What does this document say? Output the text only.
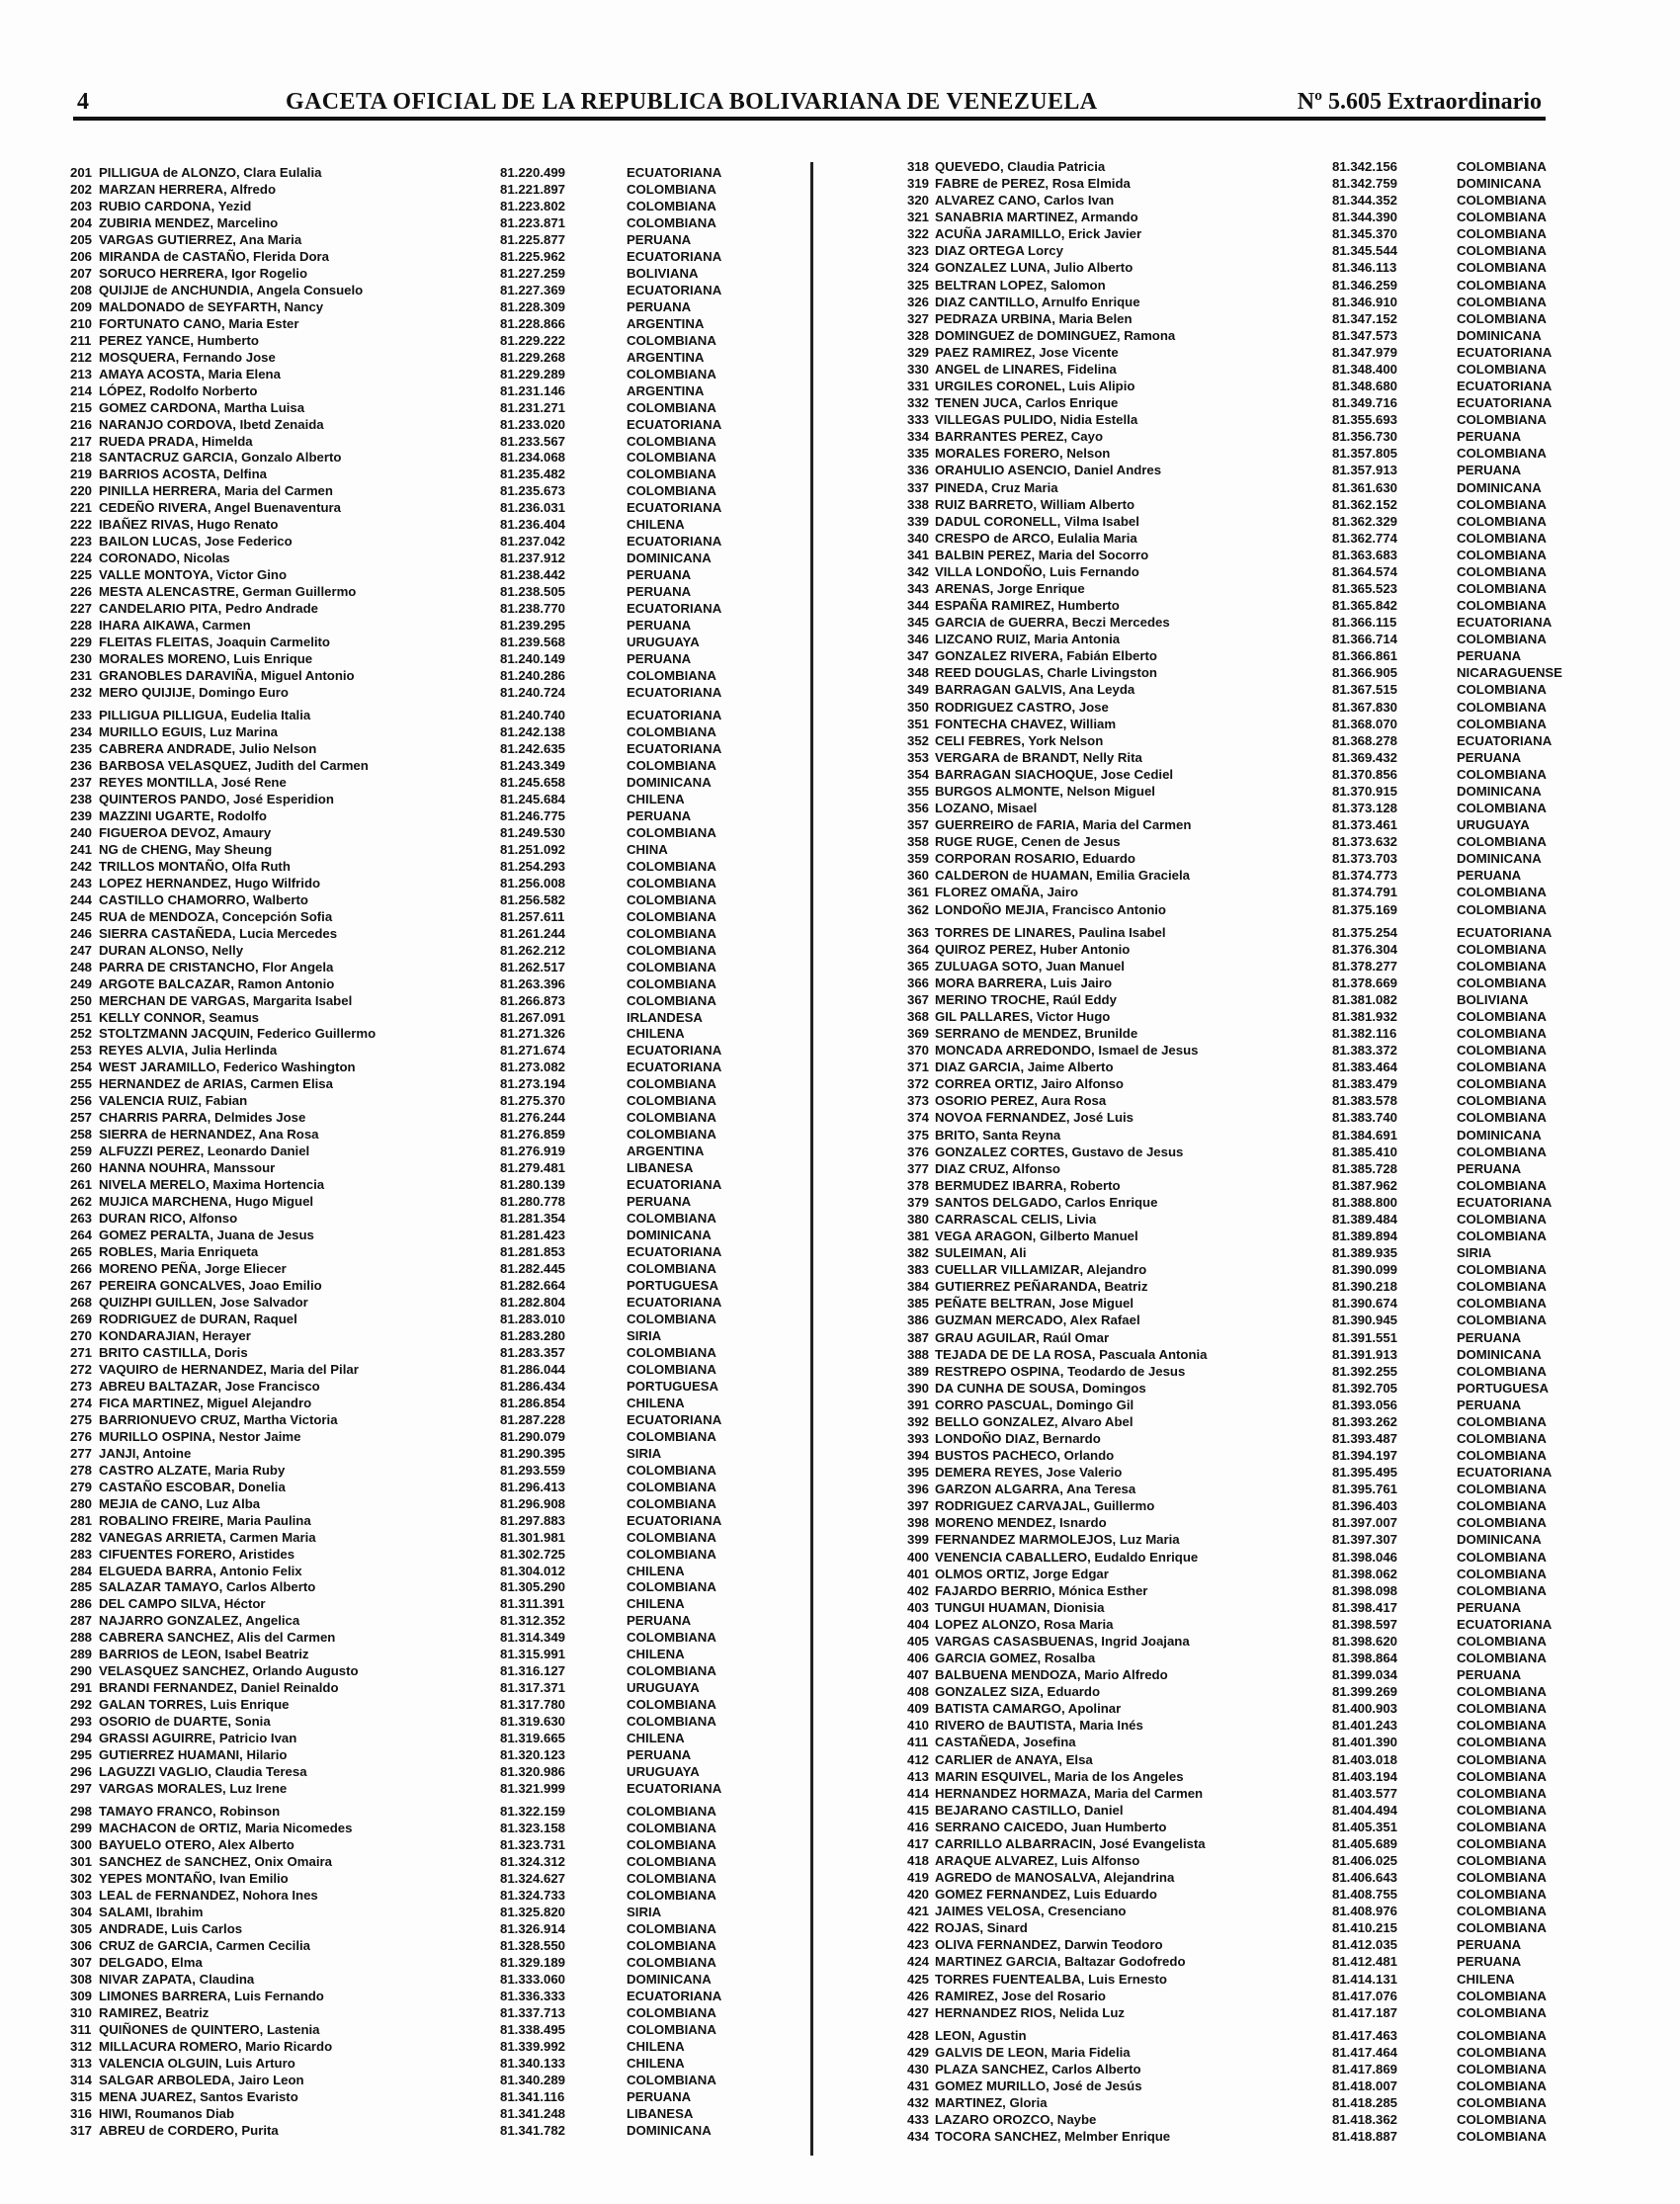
4	GACETA OFICIAL DE LA REPUBLICA BOLIVARIANA DE VENEZUELA	Nº 5.605 Extraordinario
201 PILLIGUA de ALONZO, Clara Eulalia	81.220.499	ECUATORIANA
202 MARZAN HERRERA, Alfredo	81.221.897	COLOMBIANA
203 RUBIO CARDONA, Yezid	81.223.802	COLOMBIANA
204 ZUBIRIA MENDEZ, Marcelino	81.223.871	COLOMBIANA
205 VARGAS GUTIERREZ, Ana Maria	81.225.877	PERUANA
206 MIRANDA de CASTAÑO, Flerida Dora	81.225.962	ECUATORIANA
207 SORUCO HERRERA, Igor Rogelio	81.227.259	BOLIVIANA
208 QUIJIJE de ANCHUNDIA, Angela Consuelo	81.227.369	ECUATORIANA
209 MALDONADO de SEYFARTH, Nancy	81.228.309	PERUANA
210 FORTUNATO CANO, Maria Ester	81.228.866	ARGENTINA
211 PEREZ YANCE, Humberto	81.229.222	COLOMBIANA
212 MOSQUERA, Fernando Jose	81.229.268	ARGENTINA
213 AMAYA ACOSTA, Maria Elena	81.229.289	COLOMBIANA
214 LÓPEZ, Rodolfo Norberto	81.231.146	ARGENTINA
215 GOMEZ CARDONA, Martha Luisa	81.231.271	COLOMBIANA
216 NARANJO CORDOVA, Ibetd Zenaida	81.233.020	ECUATORIANA
217 RUEDA PRADA, Himelda	81.233.567	COLOMBIANA
218 SANTACRUZ GARCIA, Gonzalo Alberto	81.234.068	COLOMBIANA
219 BARRIOS ACOSTA, Delfina	81.235.482	COLOMBIANA
220 PINILLA HERRERA, Maria del Carmen	81.235.673	COLOMBIANA
221 CEDEÑO RIVERA, Angel Buenaventura	81.236.031	ECUATORIANA
222 IBAÑEZ RIVAS, Hugo Renato	81.236.404	CHILENA
223 BAILON LUCAS, Jose Federico	81.237.042	ECUATORIANA
224 CORONADO, Nicolas	81.237.912	DOMINICANA
225 VALLE MONTOYA, Victor Gino	81.238.442	PERUANA
226 MESTA ALENCASTRE, German Guillermo	81.238.505	PERUANA
227 CANDELARIO PITA, Pedro Andrade	81.238.770	ECUATORIANA
228 IHARA AIKAWA, Carmen	81.239.295	PERUANA
229 FLEITAS FLEITAS, Joaquin Carmelito	81.239.568	URUGUAYA
230 MORALES MORENO, Luis Enrique	81.240.149	PERUANA
231 GRANOBLES DARAVIÑA, Miguel Antonio	81.240.286	COLOMBIANA
232 MERO QUIJIJE, Domingo Euro	81.240.724	ECUATORIANA
233 PILLIGUA PILLIGUA, Eudelia Italia	81.240.740	ECUATORIANA
234 MURILLO EGUIS, Luz Marina	81.242.138	COLOMBIANA
235 CABRERA ANDRADE, Julio Nelson	81.242.635	ECUATORIANA
236 BARBOSA VELASQUEZ, Judith del Carmen	81.243.349	COLOMBIANA
237 REYES MONTILLA, José Rene	81.245.658	DOMINICANA
238 QUINTEROS PANDO, José Esperidion	81.245.684	CHILENA
239 MAZZINI UGARTE, Rodolfo	81.246.775	PERUANA
240 FIGUEROA DEVOZ, Amaury	81.249.530	COLOMBIANA
241 NG de CHENG, May Sheung	81.251.092	CHINA
242 TRILLOS MONTAÑO, Olfa Ruth	81.254.293	COLOMBIANA
243 LOPEZ HERNANDEZ, Hugo Wilfrido	81.256.008	COLOMBIANA
244 CASTILLO CHAMORRO, Walberto	81.256.582	COLOMBIANA
245 RUA de MENDOZA, Concepción Sofia	81.257.611	COLOMBIANA
246 SIERRA CASTAÑEDA, Lucia Mercedes	81.261.244	COLOMBIANA
247 DURAN ALONSO, Nelly	81.262.212	COLOMBIANA
248 PARRA DE CRISTANCHO, Flor Angela	81.262.517	COLOMBIANA
249 ARGOTE BALCAZAR, Ramon Antonio	81.263.396	COLOMBIANA
250 MERCHAN DE VARGAS, Margarita Isabel	81.266.873	COLOMBIANA
251 KELLY CONNOR, Seamus	81.267.091	IRLANDESA
252 STOLTZMANN JACQUIN, Federico Guillermo	81.271.326	CHILENA
253 REYES ALVIA, Julia Herlinda	81.271.674	ECUATORIANA
254 WEST JARAMILLO, Federico Washington	81.273.082	ECUATORIANA
255 HERNANDEZ de ARIAS, Carmen Elisa	81.273.194	COLOMBIANA
256 VALENCIA RUIZ, Fabian	81.275.370	COLOMBIANA
257 CHARRIS PARRA, Delmides Jose	81.276.244	COLOMBIANA
258 SIERRA de HERNANDEZ, Ana Rosa	81.276.859	COLOMBIANA
259 ALFUZZI PEREZ, Leonardo Daniel	81.276.919	ARGENTINA
260 HANNA NOUHRA, Manssour	81.279.481	LIBANESA
261 NIVELA MERELO, Maxima Hortencia	81.280.139	ECUATORIANA
262 MUJICA MARCHENA, Hugo Miguel	81.280.778	PERUANA
263 DURAN RICO, Alfonso	81.281.354	COLOMBIANA
264 GOMEZ PERALTA, Juana de Jesus	81.281.423	DOMINICANA
265 ROBLES, Maria Enriqueta	81.281.853	ECUATORIANA
266 MORENO PEÑA, Jorge Eliecer	81.282.445	COLOMBIANA
267 PEREIRA GONCALVES, Joao Emilio	81.282.664	PORTUGUESA
268 QUIZHPI GUILLEN, Jose Salvador	81.282.804	ECUATORIANA
269 RODRIGUEZ de DURAN, Raquel	81.283.010	COLOMBIANA
270 KONDARAJIAN, Herayer	81.283.280	SIRIA
271 BRITO CASTILLA, Doris	81.283.357	COLOMBIANA
272 VAQUIRO de HERNANDEZ, Maria del Pilar	81.286.044	COLOMBIANA
273 ABREU BALTAZAR, Jose Francisco	81.286.434	PORTUGUESA
274 FICA MARTINEZ, Miguel Alejandro	81.286.854	CHILENA
275 BARRIONUEVO CRUZ, Martha Victoria	81.287.228	ECUATORIANA
276 MURILLO OSPINA, Nestor Jaime	81.290.079	COLOMBIANA
277 JANJI, Antoine	81.290.395	SIRIA
278 CASTRO ALZATE, Maria Ruby	81.293.559	COLOMBIANA
279 CASTAÑO ESCOBAR, Donelia	81.296.413	COLOMBIANA
280 MEJIA de CANO, Luz Alba	81.296.908	COLOMBIANA
281 ROBALINO FREIRE, Maria Paulina	81.297.883	ECUATORIANA
282 VANEGAS ARRIETA, Carmen Maria	81.301.981	COLOMBIANA
283 CIFUENTES FORERO, Aristides	81.302.725	COLOMBIANA
284 ELGUEDA BARRA, Antonio Felix	81.304.012	CHILENA
285 SALAZAR TAMAYO, Carlos Alberto	81.305.290	COLOMBIANA
286 DEL CAMPO SILVA, Héctor	81.311.391	CHILENA
287 NAJARRO GONZALEZ, Angelica	81.312.352	PERUANA
288 CABRERA SANCHEZ, Alis del Carmen	81.314.349	COLOMBIANA
289 BARRIOS de LEON, Isabel Beatriz	81.315.991	CHILENA
290 VELASQUEZ SANCHEZ, Orlando Augusto	81.316.127	COLOMBIANA
291 BRANDI FERNANDEZ, Daniel Reinaldo	81.317.371	URUGUAYA
292 GALAN TORRES, Luis Enrique	81.317.780	COLOMBIANA
293 OSORIO de DUARTE, Sonia	81.319.630	COLOMBIANA
294 GRASSI AGUIRRE, Patricio Ivan	81.319.665	CHILENA
295 GUTIERREZ HUAMANI, Hilario	81.320.123	PERUANA
296 LAGUZZI VAGLIO, Claudia Teresa	81.320.986	URUGUAYA
297 VARGAS MORALES, Luz Irene	81.321.999	ECUATORIANA
298 TAMAYO FRANCO, Robinson	81.322.159	COLOMBIANA
299 MACHACON de ORTIZ, Maria Nicomedes	81.323.158	COLOMBIANA
300 BAYUELO OTERO, Alex Alberto	81.323.731	COLOMBIANA
301 SANCHEZ de SANCHEZ, Onix Omaira	81.324.312	COLOMBIANA
302 YEPES MONTAÑO, Ivan Emilio	81.324.627	COLOMBIANA
303 LEAL de FERNANDEZ, Nohora Ines	81.324.733	COLOMBIANA
304 SALAMI, Ibrahim	81.325.820	SIRIA
305 ANDRADE, Luis Carlos	81.326.914	COLOMBIANA
306 CRUZ de GARCIA, Carmen Cecilia	81.328.550	COLOMBIANA
307 DELGADO, Elma	81.329.189	COLOMBIANA
308 NIVAR ZAPATA, Claudina	81.333.060	DOMINICANA
309 LIMONES BARRERA, Luis Fernando	81.336.333	ECUATORIANA
310 RAMIREZ, Beatriz	81.337.713	COLOMBIANA
311 QUIÑONES de QUINTERO, Lastenia	81.338.495	COLOMBIANA
312 MILLACURA ROMERO, Mario Ricardo	81.339.992	CHILENA
313 VALENCIA OLGUIN, Luis Arturo	81.340.133	CHILENA
314 SALGAR ARBOLEDA, Jairo Leon	81.340.289	COLOMBIANA
315 MENA JUAREZ, Santos Evaristo	81.341.116	PERUANA
316 HIWI, Roumanos Diab	81.341.248	LIBANESA
317 ABREU de CORDERO, Purita	81.341.782	DOMINICANA
318 QUEVEDO, Claudia Patricia	81.342.156	COLOMBIANA
319 FABRE de PEREZ, Rosa Elmida	81.342.759	DOMINICANA
320 ALVAREZ CANO, Carlos Ivan	81.344.352	COLOMBIANA
321 SANABRIA MARTINEZ, Armando	81.344.390	COLOMBIANA
322 ACUÑA JARAMILLO, Erick Javier	81.345.370	COLOMBIANA
323 DIAZ ORTEGA Lorcy	81.345.544	COLOMBIANA
324 GONZALEZ LUNA, Julio Alberto	81.346.113	COLOMBIANA
325 BELTRAN LOPEZ, Salomon	81.346.259	COLOMBIANA
326 DIAZ CANTILLO, Arnulfo Enrique	81.346.910	COLOMBIANA
327 PEDRAZA URBINA, Maria Belen	81.347.152	COLOMBIANA
328 DOMINGUEZ de DOMINGUEZ, Ramona	81.347.573	DOMINICANA
329 PAEZ RAMIREZ, Jose Vicente	81.347.979	ECUATORIANA
330 ANGEL de LINARES, Fidelina	81.348.400	COLOMBIANA
331 URGILES CORONEL, Luis Alipio	81.348.680	ECUATORIANA
332 TENEN JUCA, Carlos Enrique	81.349.716	ECUATORIANA
333 VILLEGAS PULIDO, Nidia Estella	81.355.693	COLOMBIANA
334 BARRANTES PEREZ, Cayo	81.356.730	PERUANA
335 MORALES FORERO, Nelson	81.357.805	COLOMBIANA
336 ORAHULIO ASENCIO, Daniel Andres	81.357.913	PERUANA
337 PINEDA, Cruz Maria	81.361.630	DOMINICANA
338 RUIZ BARRETO, William Alberto	81.362.152	COLOMBIANA
339 DADUL CORONELL, Vilma Isabel	81.362.329	COLOMBIANA
340 CRESPO de ARCO, Eulalia Maria	81.362.774	COLOMBIANA
341 BALBIN PEREZ, Maria del Socorro	81.363.683	COLOMBIANA
342 VILLA LONDOÑO, Luis Fernando	81.364.574	COLOMBIANA
343 ARENAS, Jorge Enrique	81.365.523	COLOMBIANA
344 ESPAÑA RAMIREZ, Humberto	81.365.842	COLOMBIANA
345 GARCIA de GUERRA, Beczi Mercedes	81.366.115	ECUATORIANA
346 LIZCANO RUIZ, Maria Antonia	81.366.714	COLOMBIANA
347 GONZALEZ RIVERA, Fabián Elberto	81.366.861	PERUANA
348 REED DOUGLAS, Charle Livingston	81.366.905	NICARAGUENSE
349 BARRAGAN GALVIS, Ana Leyda	81.367.515	COLOMBIANA
350 RODRIGUEZ CASTRO, Jose	81.367.830	COLOMBIANA
351 FONTECHA CHAVEZ, William	81.368.070	COLOMBIANA
352 CELI FEBRES, York Nelson	81.368.278	ECUATORIANA
353 VERGARA de BRANDT, Nelly Rita	81.369.432	PERUANA
354 BARRAGAN SIACHOQUE, Jose Cediel	81.370.856	COLOMBIANA
355 BURGOS ALMONTE, Nelson Miguel	81.370.915	DOMINICANA
356 LOZANO, Misael	81.373.128	COLOMBIANA
357 GUERREIRO de FARIA, Maria del Carmen	81.373.461	URUGUAYA
358 RUGE RUGE, Cenen de Jesus	81.373.632	COLOMBIANA
359 CORPORAN ROSARIO, Eduardo	81.373.703	DOMINICANA
360 CALDERON de HUAMAN, Emilia Graciela	81.374.773	PERUANA
361 FLOREZ OMAÑA, Jairo	81.374.791	COLOMBIANA
362 LONDOÑO MEJIA, Francisco Antonio	81.375.169	COLOMBIANA
363 TORRES DE LINARES, Paulina Isabel	81.375.254	ECUATORIANA
364 QUIROZ PEREZ, Huber Antonio	81.376.304	COLOMBIANA
365 ZULUAGA SOTO, Juan Manuel	81.378.277	COLOMBIANA
366 MORA BARRERA, Luis Jairo	81.378.669	COLOMBIANA
367 MERINO TROCHE, Raúl Eddy	81.381.082	BOLIVIANA
368 GIL PALLARES, Victor Hugo	81.381.932	COLOMBIANA
369 SERRANO de MENDEZ, Brunilde	81.382.116	COLOMBIANA
370 MONCADA ARREDONDO, Ismael de Jesus	81.383.372	COLOMBIANA
371 DIAZ GARCIA, Jaime Alberto	81.383.464	COLOMBIANA
372 CORREA ORTIZ, Jairo Alfonso	81.383.479	COLOMBIANA
373 OSORIO PEREZ, Aura Rosa	81.383.578	COLOMBIANA
374 NOVOA FERNANDEZ, José Luis	81.383.740	COLOMBIANA
375 BRITO, Santa Reyna	81.384.691	DOMINICANA
376 GONZALEZ CORTES, Gustavo de Jesus	81.385.410	COLOMBIANA
377 DIAZ CRUZ, Alfonso	81.385.728	PERUANA
378 BERMUDEZ IBARRA, Roberto	81.387.962	COLOMBIANA
379 SANTOS DELGADO, Carlos Enrique	81.388.800	ECUATORIANA
380 CARRASCAL CELIS, Livia	81.389.484	COLOMBIANA
381 VEGA ARAGON, Gilberto Manuel	81.389.894	COLOMBIANA
382 SULEIMAN, Ali	81.389.935	SIRIA
383 CUELLAR VILLAMIZAR, Alejandro	81.390.099	COLOMBIANA
384 GUTIERREZ PEÑARANDA, Beatriz	81.390.218	COLOMBIANA
385 PEÑATE BELTRAN, Jose Miguel	81.390.674	COLOMBIANA
386 GUZMAN MERCADO, Alex Rafael	81.390.945	COLOMBIANA
387 GRAU AGUILAR, Raúl Omar	81.391.551	PERUANA
388 TEJADA DE DE LA ROSA, Pascuala Antonia	81.391.913	DOMINICANA
389 RESTREPO OSPINA, Teodardo de Jesus	81.392.255	COLOMBIANA
390 DA CUNHA DE SOUSA, Domingos	81.392.705	PORTUGUESA
391 CORRO PASCUAL, Domingo Gil	81.393.056	PERUANA
392 BELLO GONZALEZ, Alvaro Abel	81.393.262	COLOMBIANA
393 LONDOÑO DIAZ, Bernardo	81.393.487	COLOMBIANA
394 BUSTOS PACHECO, Orlando	81.394.197	COLOMBIANA
395 DEMERA REYES, Jose Valerio	81.395.495	ECUATORIANA
396 GARZON ALGARRA, Ana Teresa	81.395.761	COLOMBIANA
397 RODRIGUEZ CARVAJAL, Guillermo	81.396.403	COLOMBIANA
398 MORENO MENDEZ, Isnardo	81.397.007	COLOMBIANA
399 FERNANDEZ MARMOLEJOS, Luz Maria	81.397.307	DOMINICANA
400 VENENCIA CABALLERO, Eudaldo Enrique	81.398.046	COLOMBIANA
401 OLMOS ORTIZ, Jorge Edgar	81.398.062	COLOMBIANA
402 FAJARDO BERRIO, Mónica Esther	81.398.098	COLOMBIANA
403 TUNGUI HUAMAN, Dionisia	81.398.417	PERUANA
404 LOPEZ ALONZO, Rosa Maria	81.398.597	ECUATORIANA
405 VARGAS CASASBUENAS, Ingrid Joajana	81.398.620	COLOMBIANA
406 GARCIA GOMEZ, Rosalba	81.398.864	COLOMBIANA
407 BALBUENA MENDOZA, Mario Alfredo	81.399.034	PERUANA
408 GONZALEZ SIZA, Eduardo	81.399.269	COLOMBIANA
409 BATISTA CAMARGO, Apolinar	81.400.903	COLOMBIANA
410 RIVERO de BAUTISTA, Maria Inés	81.401.243	COLOMBIANA
411 CASTAÑEDA, Josefina	81.401.390	COLOMBIANA
412 CARLIER de ANAYA, Elsa	81.403.018	COLOMBIANA
413 MARIN ESQUIVEL, Maria de los Angeles	81.403.194	COLOMBIANA
414 HERNANDEZ HORMAZA, Maria del Carmen	81.403.577	COLOMBIANA
415 BEJARANO CASTILLO, Daniel	81.404.494	COLOMBIANA
416 SERRANO CAICEDO, Juan Humberto	81.405.351	COLOMBIANA
417 CARRILLO ALBARRACIN, José Evangelista	81.405.689	COLOMBIANA
418 ARAQUE ALVAREZ, Luis Alfonso	81.406.025	COLOMBIANA
419 AGREDO de MANOSALVA, Alejandrina	81.406.643	COLOMBIANA
420 GOMEZ FERNANDEZ, Luis Eduardo	81.408.755	COLOMBIANA
421 JAIMES VELOSA, Cresenciano	81.408.976	COLOMBIANA
422 ROJAS, Sinard	81.410.215	COLOMBIANA
423 OLIVA FERNANDEZ, Darwin Teodoro	81.412.035	PERUANA
424 MARTINEZ GARCIA, Baltazar Godofredo	81.412.481	PERUANA
425 TORRES FUENTEALBA, Luis Ernesto	81.414.131	CHILENA
426 RAMIREZ, Jose del Rosario	81.417.076	COLOMBIANA
427 HERNANDEZ RIOS, Nelida Luz	81.417.187	COLOMBIANA
428 LEON, Agustin	81.417.463	COLOMBIANA
429 GALVIS DE LEON, Maria Fidelia	81.417.464	COLOMBIANA
430 PLAZA SANCHEZ, Carlos Alberto	81.417.869	COLOMBIANA
431 GOMEZ MURILLO, José de Jesús	81.418.007	COLOMBIANA
432 MARTINEZ, Gloria	81.418.285	COLOMBIANA
433 LAZARO OROZCO, Naybe	81.418.362	COLOMBIANA
434 TOCORA SANCHEZ, Melmber Enrique	81.418.887	COLOMBIANA
